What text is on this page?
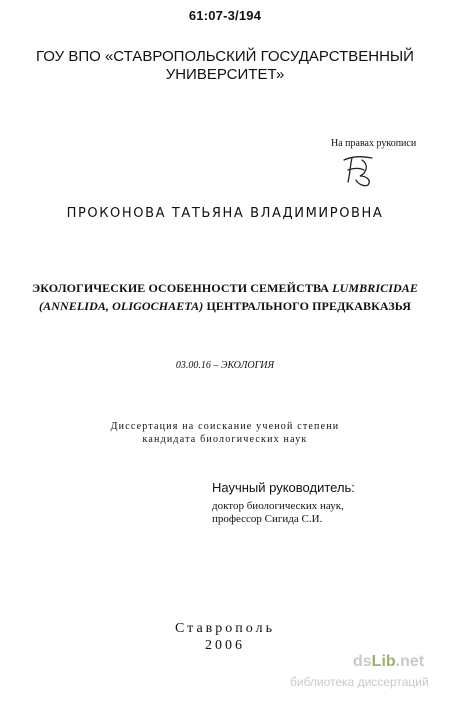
61:07-3/194
ГОУ ВПО «СТАВРОПОЛЬСКИЙ ГОСУДАРСТВЕННЫЙ
УНИВЕРСИТЕТ»
На правах рукописи
ПРОКОНОВА ТАТЬЯНА ВЛАДИМИРОВНА
ЭКОЛОГИЧЕСКИЕ ОСОБЕННОСТИ СЕМЕЙСТВА LUMBRICIDAE
(ANNELIDA, OLIGOCHAETA) ЦЕНТРАЛЬНОГО ПРЕДКАВКАЗЬЯ
03.00.16 – ЭКОЛОГИЯ
Диссертация на соискание ученой степени
кандидата биологических наук
Научный руководитель:
доктор биологических наук,
профессор Сигида С.И.
Ставрополь
2006
dsLib.net
библиотека диссертаций
